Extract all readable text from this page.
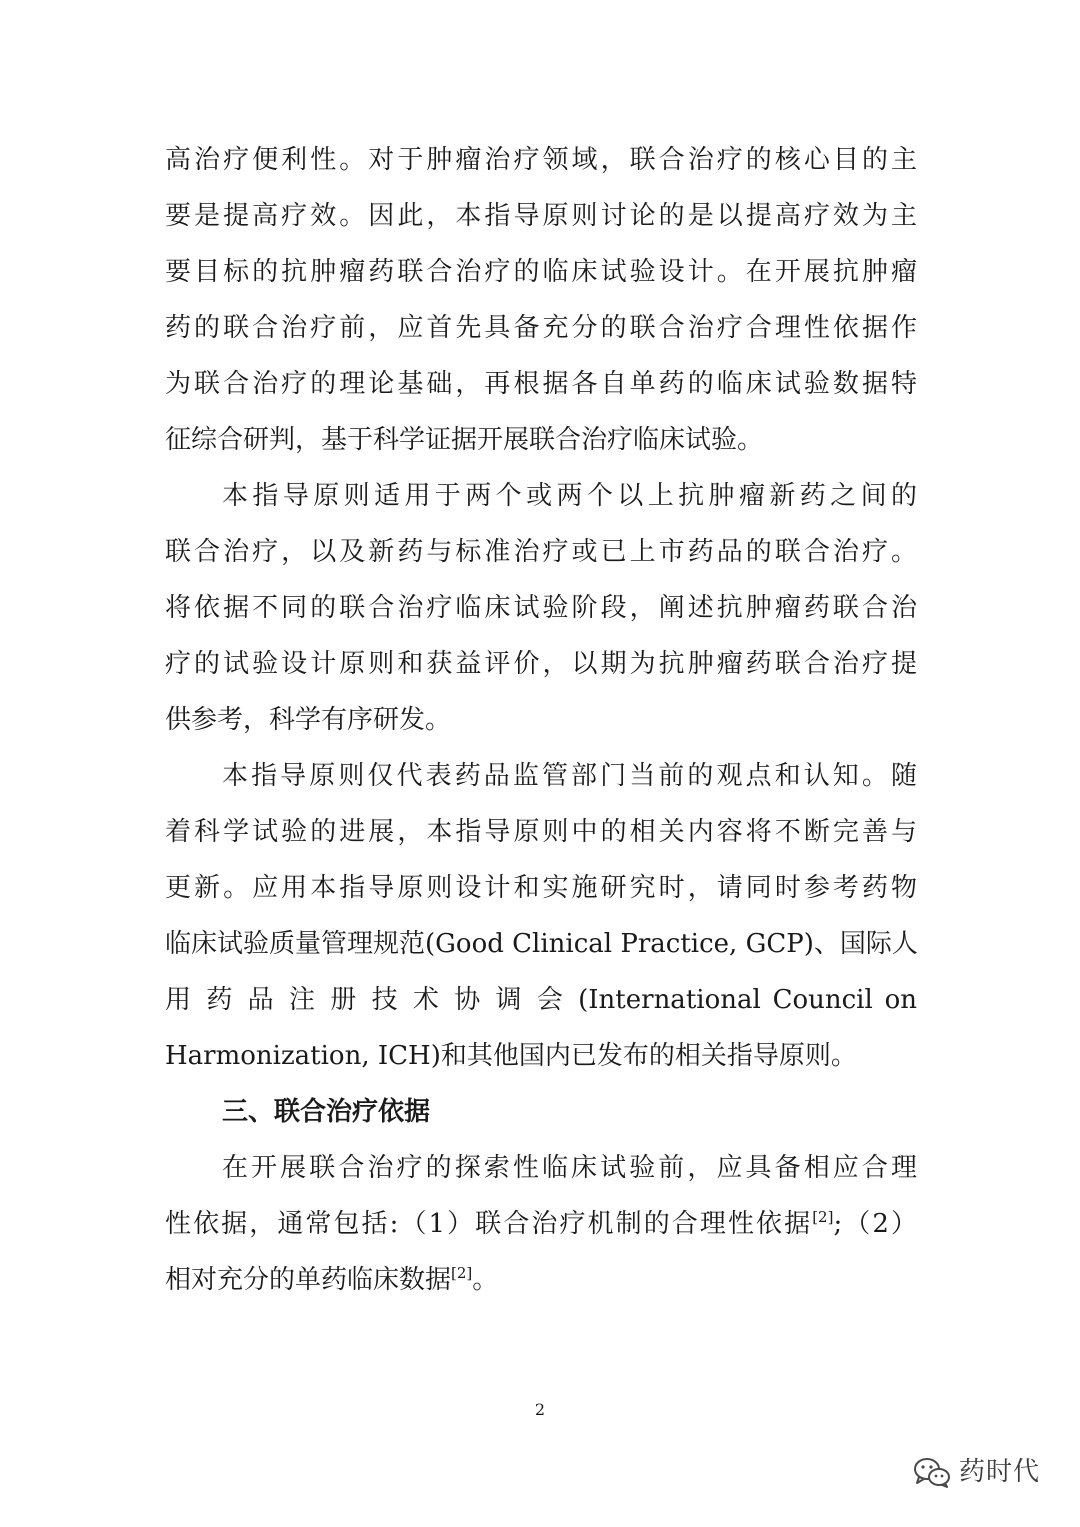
高治疗便利性。对于肿瘤治疗领域，联合治疗的核心目的主
要是提高疗效。因此，本指导原则讨论的是以提高疗效为主
要目标的抗肿瘤药联合治疗的临床试验设计。在开展抗肿瘤
药的联合治疗前，应首先具备充分的联合治疗合理性依据作
为联合治疗的理论基础，再根据各自单药的临床试验数据特
征综合研判，基于科学证据开展联合治疗临床试验。
本指导原则适用于两个或两个以上抗肿瘤新药之间的
联合治疗，以及新药与标准治疗或已上市药品的联合治疗。
将依据不同的联合治疗临床试验阶段，阐述抗肿瘤药联合治
疗的试验设计原则和获益评价，以期为抗肿瘤药联合治疗提
供参考，科学有序研发。
本指导原则仅代表药品监管部门当前的观点和认知。随
着科学试验的进展，本指导原则中的相关内容将不断完善与
更新。应用本指导原则设计和实施研究时，请同时参考药物
临床试验质量管理规范(Good Clinical Practice, GCP)、国际人
用 药 品 注 册 技 术 协 调 会 (International Council on
Harmonization, ICH)和其他国内已发布的相关指导原则。
三、联合治疗依据
在开展联合治疗的探索性临床试验前，应具备相应合理
性依据，通常包括:（1）联合治疗机制的合理性依据[2];（2）
相对充分的单药临床数据[2]。
2
药时代
